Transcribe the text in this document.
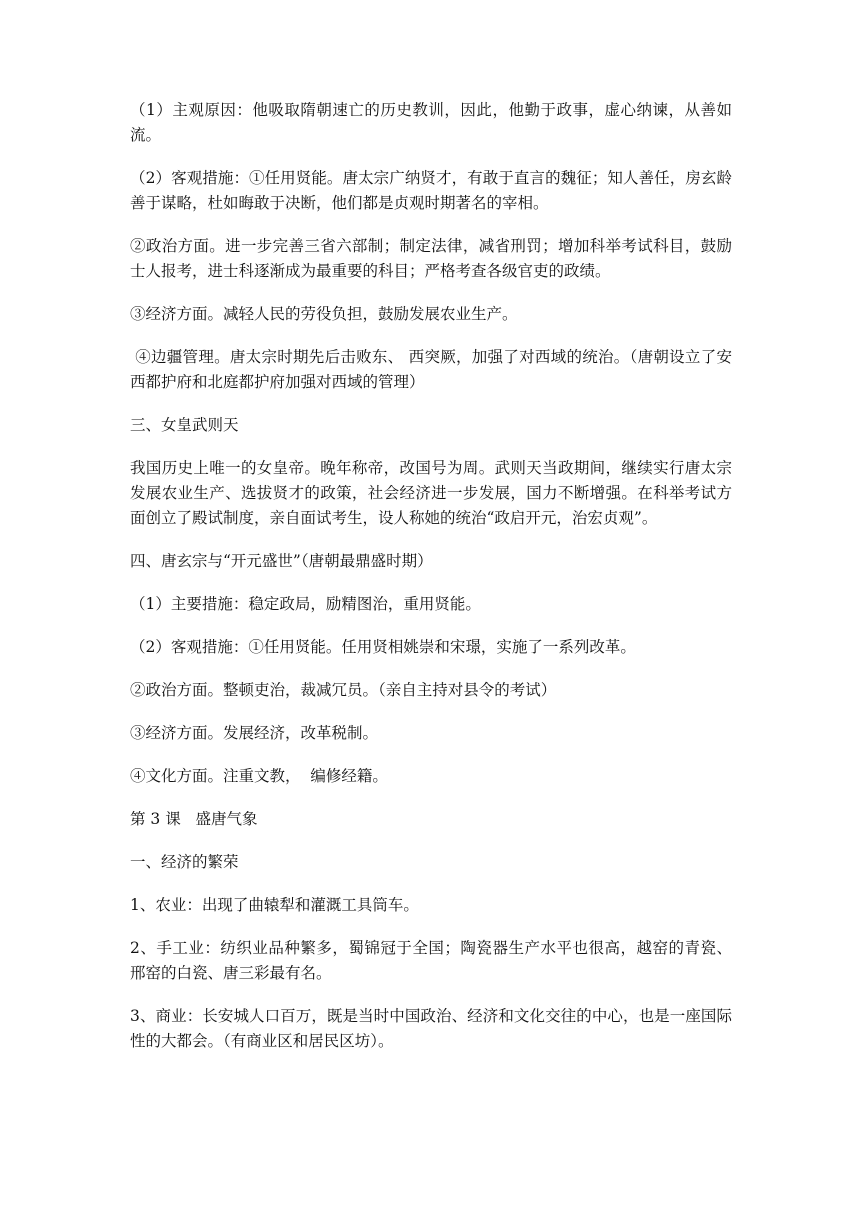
（1）主观原因：他吸取隋朝速亡的历史教训，因此，他勤于政事，虚心纳谏，从善如流。

（2）客观措施：①任用贤能。唐太宗广纳贤才，有敢于直言的魏征；知人善任，房玄龄善于谋略，杜如晦敢于决断，他们都是贞观时期著名的宰相。

②政治方面。进一步完善三省六部制；制定法律，减省刑罚；增加科举考试科目，鼓励士人报考，进士科逐渐成为最重要的科目；严格考查各级官吏的政绩。

③经济方面。减轻人民的劳役负担，鼓励发展农业生产。

④边疆管理。唐太宗时期先后击败东、 西突厥，加强了对西域的统治。（唐朝设立了安西都护府和北庭都护府加强对西域的管理）

三、女皇武则天

我国历史上唯一的女皇帝。晚年称帝，改国号为周。武则天当政期间，继续实行唐太宗发展农业生产、选拔贤才的政策，社会经济进一步发展，国力不断增强。在科举考试方面创立了殿试制度，亲自面试考生，设人称她的统治“政启开元，治宏贞观”。

四、唐玄宗与“开元盛世”（唐朝最鼎盛时期）

（1）主要措施：稳定政局，励精图治，重用贤能。

（2）客观措施：①任用贤能。任用贤相姚崇和宋璟，实施了一系列改革。

②政治方面。整顿吏治，裁减冗员。（亲自主持对县令的考试）

③经济方面。发展经济，改革税制。

④文化方面。注重文教，  编修经籍。

第 3 课   盛唐气象

一、经济的繁荣

1、农业：出现了曲辕犁和灌溉工具筒车。

2、手工业：纺织业品种繁多，蜀锦冠于全国；陶瓷器生产水平也很高，越窑的青瓷、                    邢窑的白瓷、唐三彩最有名。

3、商业：长安城人口百万，既是当时中国政治、经济和文化交往的中心，也是一座国际性的大都会。（有商业区和居民区坊）。
